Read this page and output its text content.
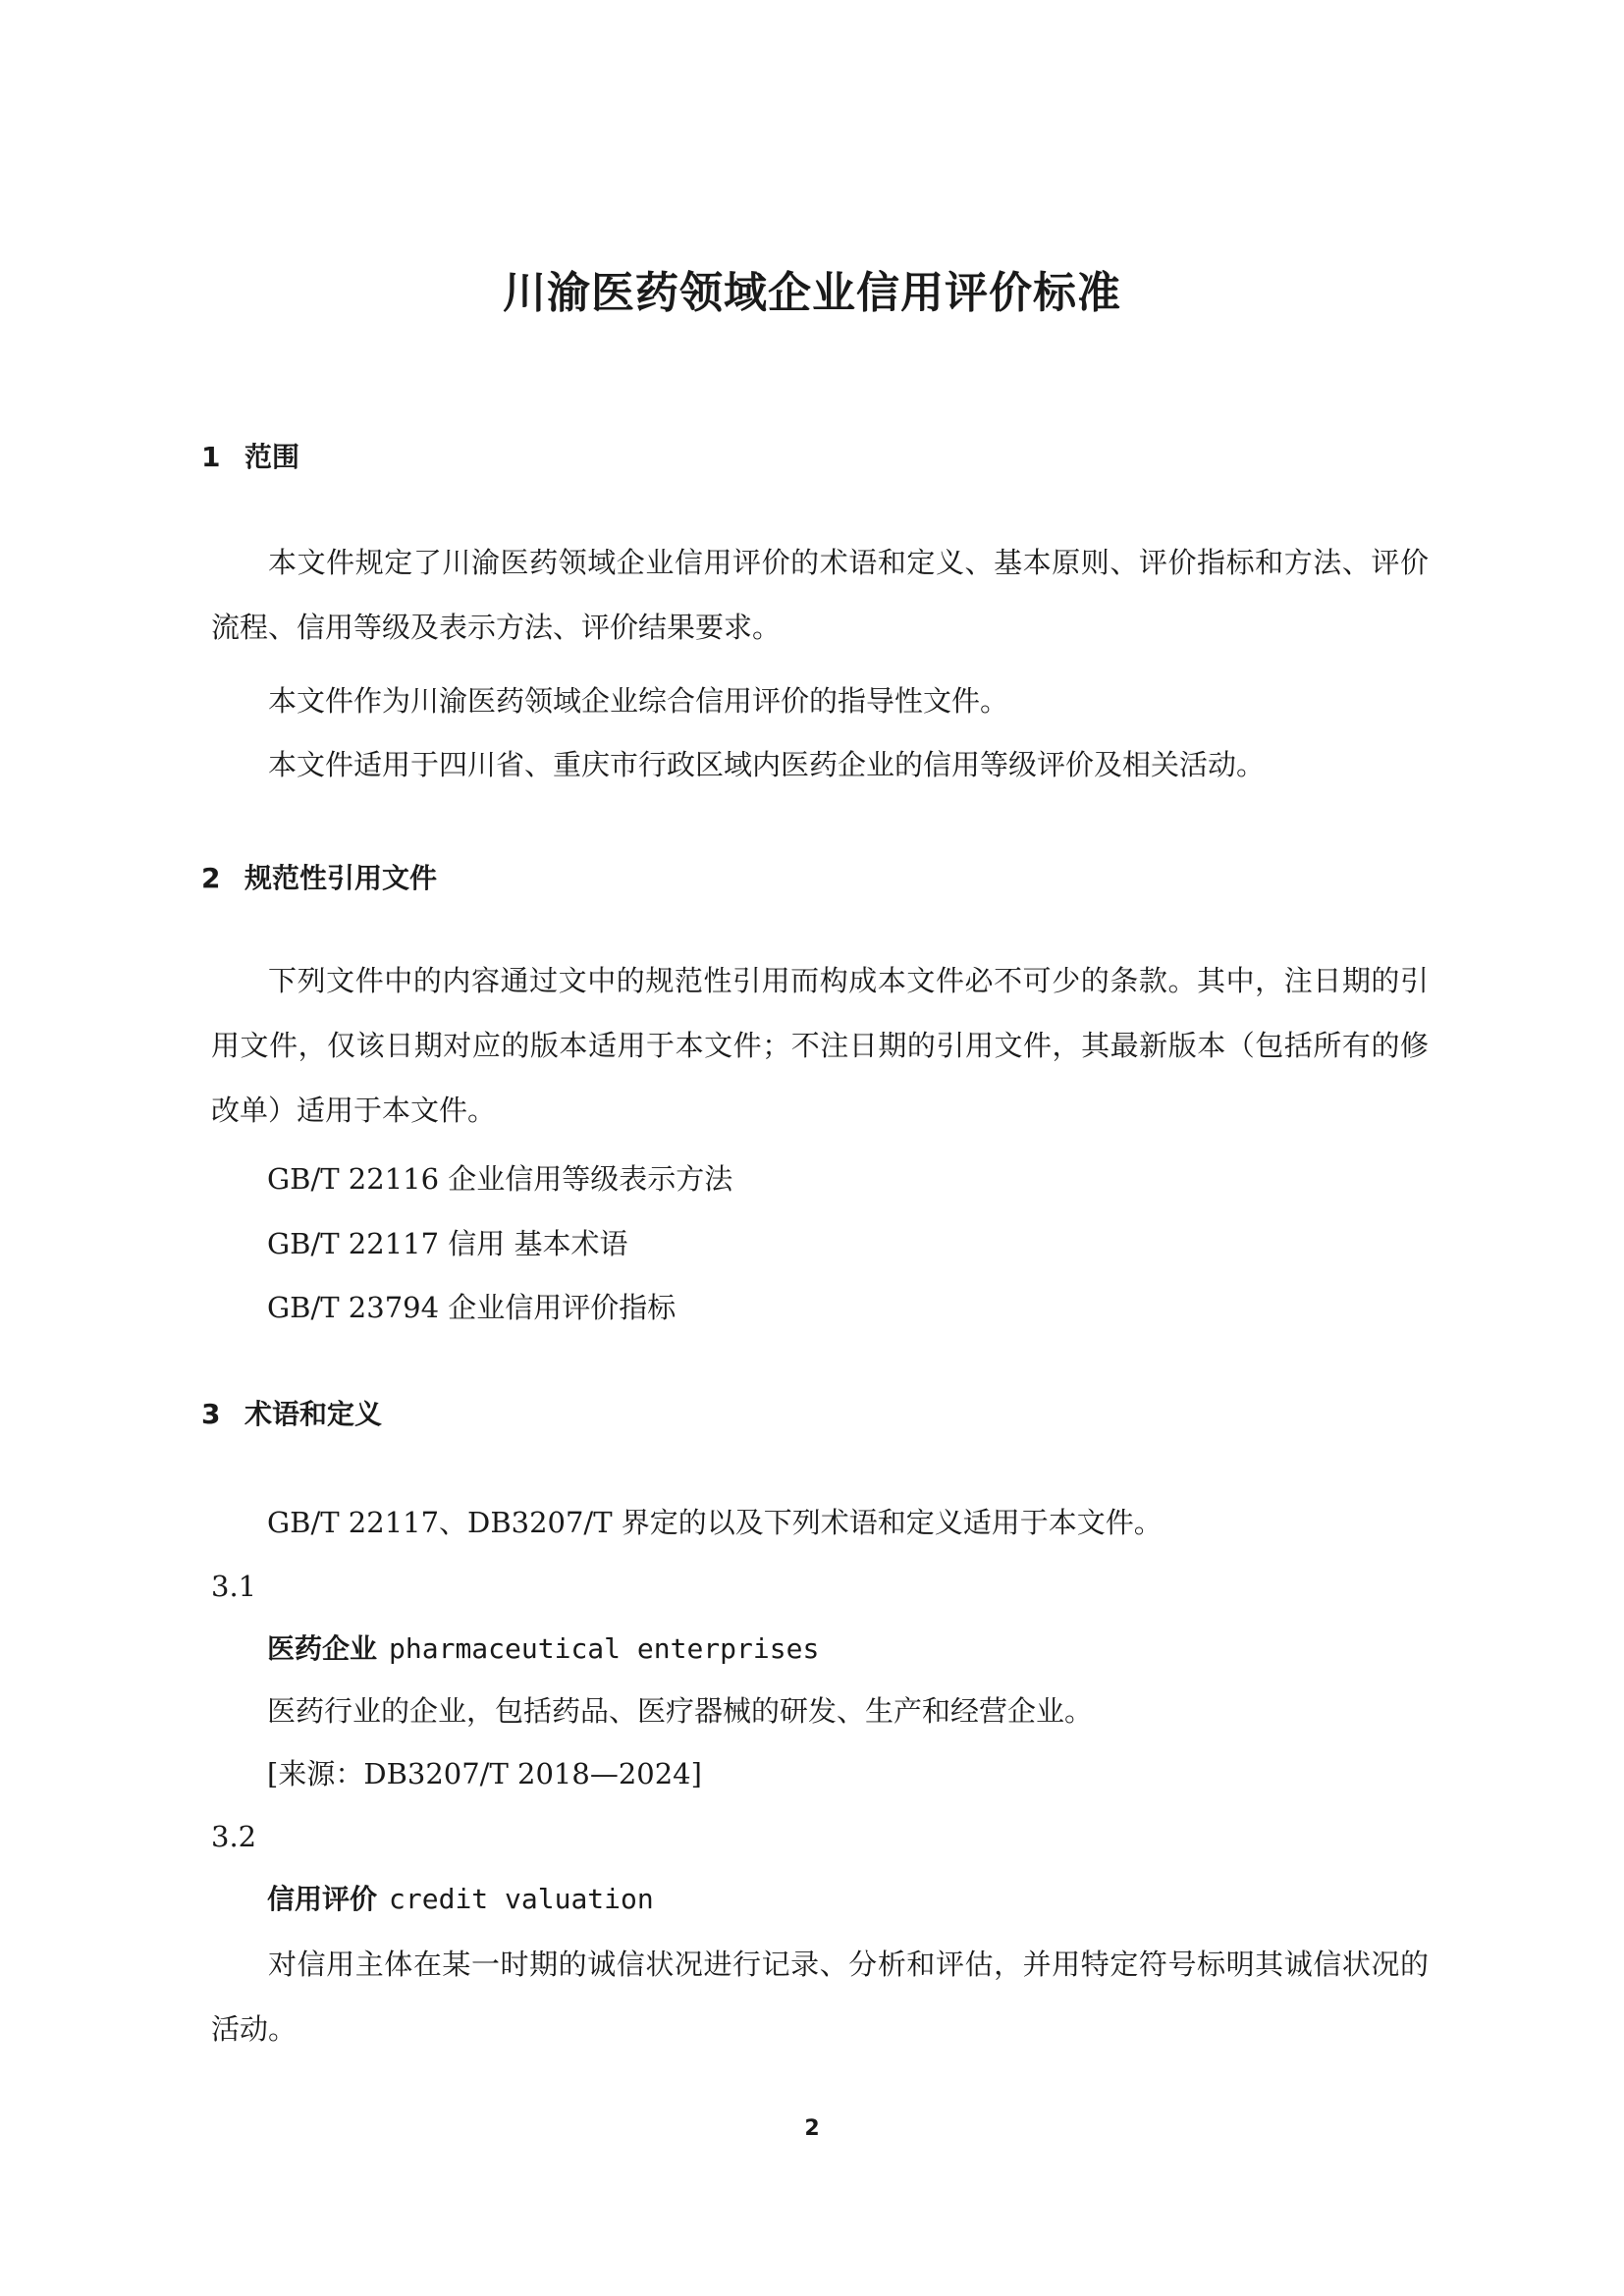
川渝医药领域企业信用评价标准
1 范围
本文件规定了川渝医药领域企业信用评价的术语和定义、基本原则、评价指标和方法、评价流程、信用等级及表示方法、评价结果要求。
本文件作为川渝医药领域企业综合信用评价的指导性文件。
本文件适用于四川省、重庆市行政区域内医药企业的信用等级评价及相关活动。
2 规范性引用文件
下列文件中的内容通过文中的规范性引用而构成本文件必不可少的条款。其中，注日期的引用文件，仅该日期对应的版本适用于本文件；不注日期的引用文件，其最新版本（包括所有的修改单）适用于本文件。
GB/T 22116 企业信用等级表示方法
GB/T 22117 信用 基本术语
GB/T 23794 企业信用评价指标
3 术语和定义
GB/T 22117、DB3207/T 界定的以及下列术语和定义适用于本文件。
3.1
医药企业 pharmaceutical enterprises
医药行业的企业，包括药品、医疗器械的研发、生产和经营企业。
[来源：DB3207/T 2018—2024]
3.2
信用评价 credit valuation
对信用主体在某一时期的诚信状况进行记录、分析和评估，并用特定符号标明其诚信状况的活动。
2
